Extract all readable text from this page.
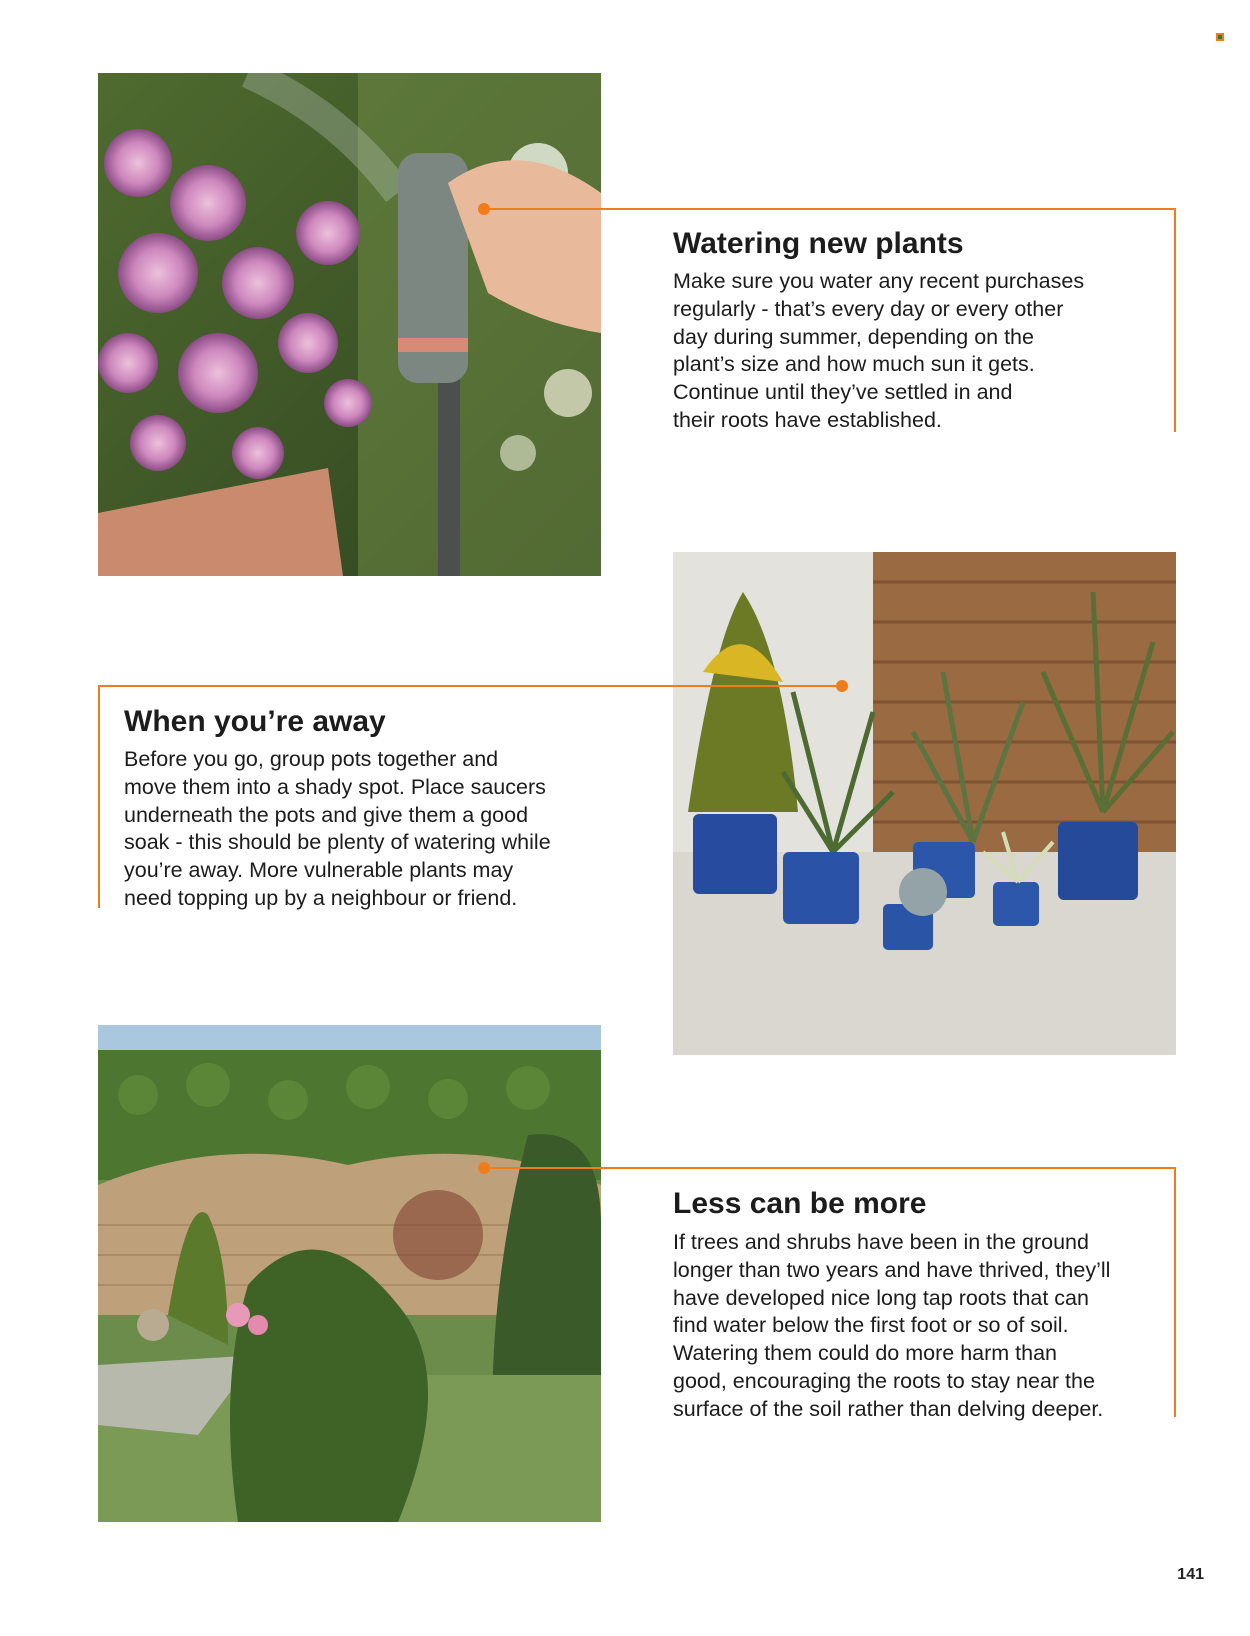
Watering new plants
Make sure you water any recent purchases
regularly - that’s every day or every other
day during summer, depending on the
plant’s size and how much sun it gets.
Continue until they’ve settled in and
their roots have established.
When you’re away
Before you go, group pots together and
move them into a shady spot. Place saucers
underneath the pots and give them a good
soak - this should be plenty of watering while
you’re away. More vulnerable plants may
need topping up by a neighbour or friend.
Less can be more
If trees and shrubs have been in the ground
longer than two years and have thrived, they’ll
have developed nice long tap roots that can
find water below the first foot or so of soil.
Watering them could do more harm than
good, encouraging the roots to stay near the
surface of the soil rather than delving deeper.
141
